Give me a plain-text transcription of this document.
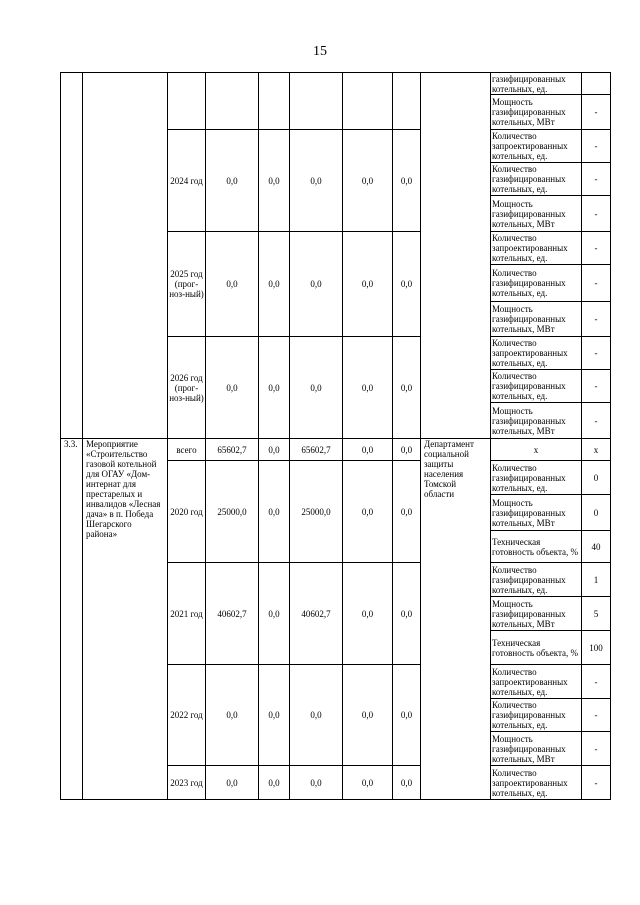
15
									газифицированных котельных, ед.	
									Мощность газифицированных котельных, МВт	-
		2024 год	0,0	0,0	0,0	0,0	0,0		Количество запроектированных котельных, ед.	-
									Количество газифицированных котельных, ед.	-
									Мощность газифицированных котельных, МВт	-
		2025 год (прог-ноз-ный)	0,0	0,0	0,0	0,0	0,0		Количество запроектированных котельных, ед.	-
									Количество газифицированных котельных, ед.	-
									Мощность газифицированных котельных, МВт	-
		2026 год (прог-ноз-ный)	0,0	0,0	0,0	0,0	0,0		Количество запроектированных котельных, ед.	-
									Количество газифицированных котельных, ед.	-
									Мощность газифицированных котельных, МВт	-
3.3.	Мероприятие «Строительство газовой котельной для ОГАУ «Дом-интернат для престарелых и инвалидов «Лесная дача» в п. Победа Шегарского района»	всего	65602,7	0,0	65602,7	0,0	0,0	Департамент социальной защиты населения Томской области	x	x
		2020 год	25000,0	0,0	25000,0	0,0	0,0		Количество газифицированных котельных, ед.	0
									Мощность газифицированных котельных, МВт	0
									Техническая готовность объекта, %	40
		2021 год	40602,7	0,0	40602,7	0,0	0,0		Количество газифицированных котельных, ед.	1
									Мощность газифицированных котельных, МВт	5
									Техническая готовность объекта, %	100
		2022 год	0,0	0,0	0,0	0,0	0,0		Количество запроектированных котельных, ед.	-
									Количество газифицированных котельных, ед.	-
									Мощность газифицированных котельных, МВт	-
		2023 год	0,0	0,0	0,0	0,0	0,0		Количество запроектированных котельных, ед.	-
